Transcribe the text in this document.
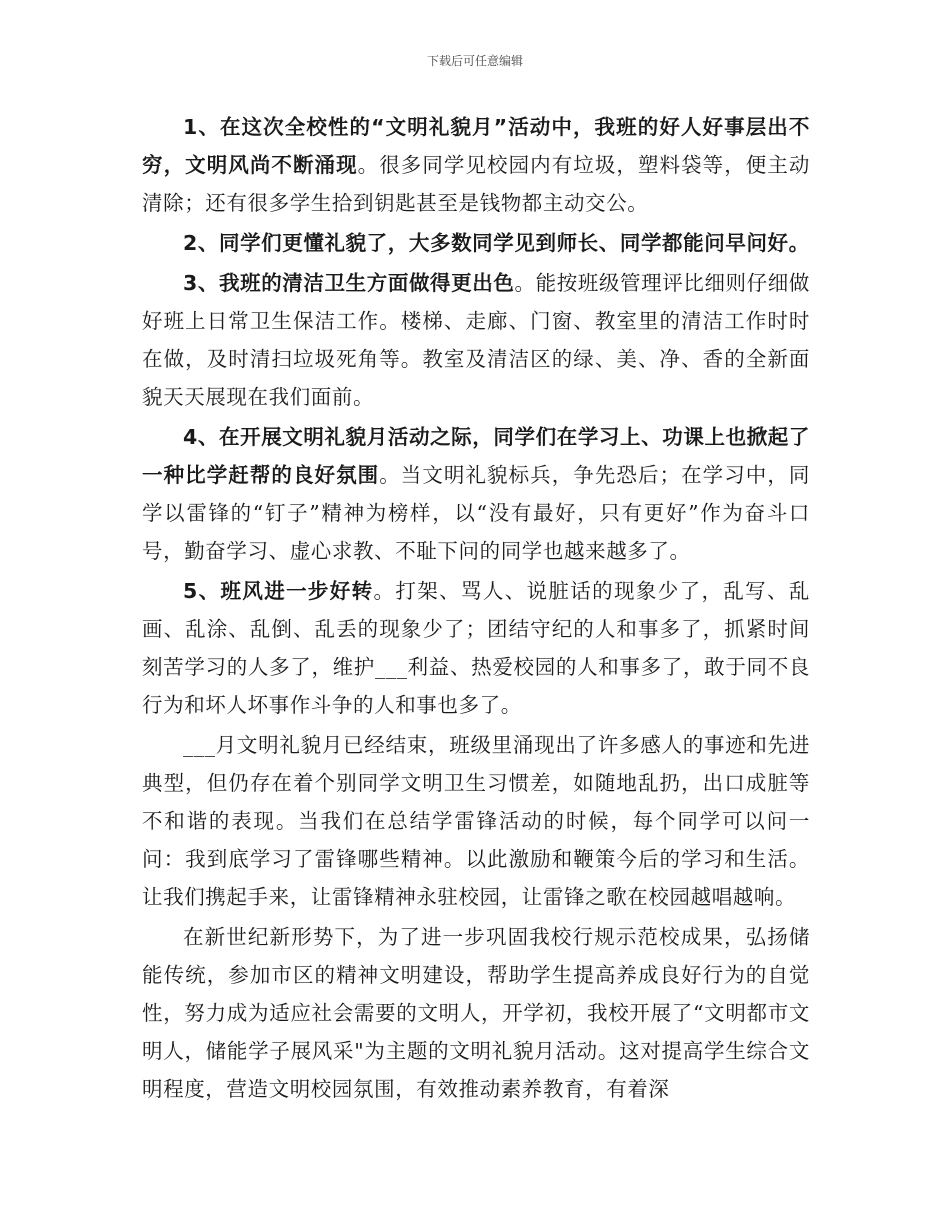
下载后可任意编辑

1、在这次全校性的“文明礼貌月”活动中，我班的好人好事层出不穷，文明风尚不断涌现。很多同学见校园内有垃圾，塑料袋等，便主动清除；还有很多学生拾到钥匙甚至是钱物都主动交公。

2、同学们更懂礼貌了，大多数同学见到师长、同学都能问早问好。

3、我班的清洁卫生方面做得更出色。能按班级管理评比细则仔细做好班上日常卫生保洁工作。楼梯、走廊、门窗、教室里的清洁工作时时在做，及时清扫垃圾死角等。教室及清洁区的绿、美、净、香的全新面貌天天展现在我们面前。

4、在开展文明礼貌月活动之际，同学们在学习上、功课上也掀起了一种比学赶帮的良好氛围。当文明礼貌标兵，争先恐后；在学习中，同学以雷锋的“钉子”精神为榜样，以“没有最好，只有更好”作为奋斗口号，勤奋学习、虚心求教、不耻下问的同学也越来越多了。

5、班风进一步好转。打架、骂人、说脏话的现象少了，乱写、乱画、乱涂、乱倒、乱丢的现象少了；团结守纪的人和事多了，抓紧时间刻苦学习的人多了，维护___利益、热爱校园的人和事多了，敢于同不良行为和坏人坏事作斗争的人和事也多了。

___月文明礼貌月已经结束，班级里涌现出了许多感人的事迹和先进典型，但仍存在着个别同学文明卫生习惯差，如随地乱扔，出口成脏等不和谐的表现。当我们在总结学雷锋活动的时候，每个同学可以问一问：我到底学习了雷锋哪些精神。以此激励和鞭策今后的学习和生活。让我们携起手来，让雷锋精神永驻校园，让雷锋之歌在校园越唱越响。

在新世纪新形势下，为了进一步巩固我校行规示范校成果，弘扬储能传统，参加市区的精神文明建设，帮助学生提高养成良好行为的自觉性，努力成为适应社会需要的文明人，开学初，我校开展了“文明都市文明人，储能学子展风采"为主题的文明礼貌月活动。这对提高学生综合文明程度，营造文明校园氛围，有效推动素养教育，有着深
